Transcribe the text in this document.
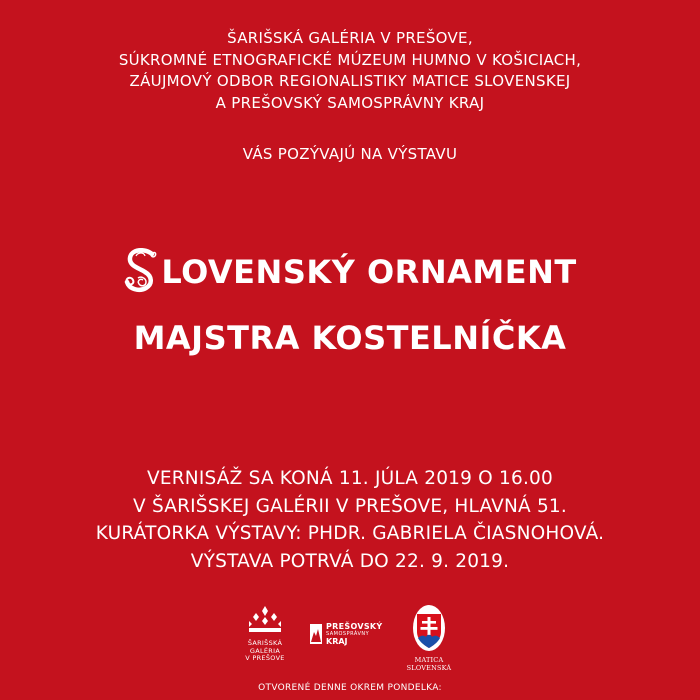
ŠARIŠSKÁ GALÉRIA V PREŠOVE,
SÚKROMNÉ ETNOGRAFICKÉ MÚZEUM HUMNO V KOŠICIACH,
ZÁUJMOVÝ ODBOR REGIONALISTIKY MATICE SLOVENSKEJ
A PREŠOVSKÝ SAMOSPRÁVNY KRAJ
VÁS POZÝVAJÚ NA VÝSTAVU
LOVENSKÝ ORNAMENT
MAJSTRA KOSTELNÍČKA
VERNISÁŽ SA KONÁ 11. JÚLA 2019 O 16.00
V ŠARIŠSKEJ GALÉRII V PREŠOVE, HLAVNÁ 51.
KURÁTORKA VÝSTAVY: PHDR. GABRIELA ČIASNOHOVÁ.
VÝSTAVA POTRVÁ DO 22. 9. 2019.
ŠARIŠSKÁ
GALÉRIA
V PREŠOVE
PREŠOVSKÝ
SAMOSPRÁVNY
KRAJ
MATICA
SLOVENSKÁ
OTVORENÉ DENNE OKREM PONDELKA:
